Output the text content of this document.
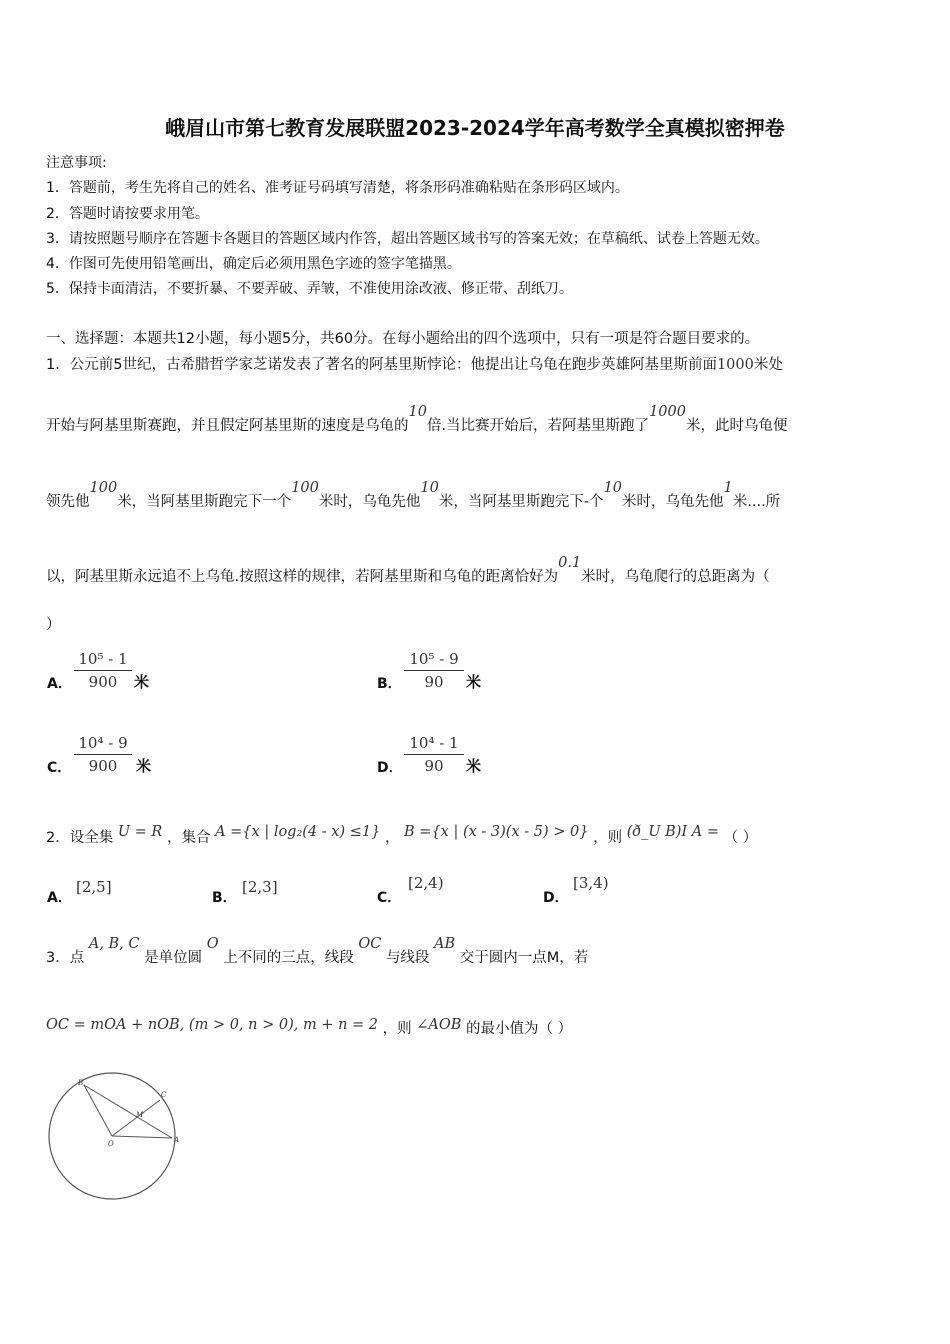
峨眉山市第七教育发展联盟2023-2024学年高考数学全真模拟密押卷
注意事项:
1．答题前，考生先将自己的姓名、准考证号码填写清楚，将条形码准确粘贴在条形码区域内。
2．答题时请按要求用笔。
3．请按照题号顺序在答题卡各题目的答题区域内作答，超出答题区域书写的答案无效；在草稿纸、试卷上答题无效。
4．作图可先使用铅笔画出，确定后必须用黑色字迹的签字笔描黑。
5．保持卡面清洁，不要折暴、不要弄破、弄皱，不准使用涂改液、修正带、刮纸刀。
一、选择题：本题共12小题，每小题5分，共60分。在每小题给出的四个选项中，只有一项是符合题目要求的。
1．公元前5世纪，古希腊哲学家芝诺发表了著名的阿基里斯悖论：他提出让乌龟在跑步英雄阿基里斯前面1000米处
开始与阿基里斯赛跑，并且假定阿基里斯的速度是乌龟的10倍.当比赛开始后，若阿基里斯跑了1000米，此时乌龟便
领先他100米，当阿基里斯跑完下一个100米时，乌龟先他10米，当阿基里斯跑完下-个10米时，乌龟先他1米....所
以，阿基里斯永远追不上乌龟.按照这样的规律，若阿基里斯和乌龟的距离恰好为0.1米时，乌龟爬行的总距离为（
）
A． $\frac{\text{10⁵ - 1}}{900}$ 米	B． $\frac{\text{10⁵ - 9}}{90}$ 米
C． $\frac{\text{10⁴ - 9}}{900}$ 米	D． $\frac{\text{10⁴ - 1}}{90}$ 米
2．设全集 U = R ，集合 A ={x | log₂(4 - x) ≤1} ， B ={x | (x - 3)(x - 5) > 0} ，则 (ð_U B)I A = （ ）
A．
[2,5]
B．
[2,3]
C．
[2,4)
D．
[3,4)
3．点 A, B, C 是单位圆 O 上不同的三点，线段 OC 与线段 AB 交于圆内一点M，若
OC = mOA + nOB, (m > 0, n > 0), m + n = 2 ，则 ∠AOB 的最小值为（ ）
B
C
M
O	A
